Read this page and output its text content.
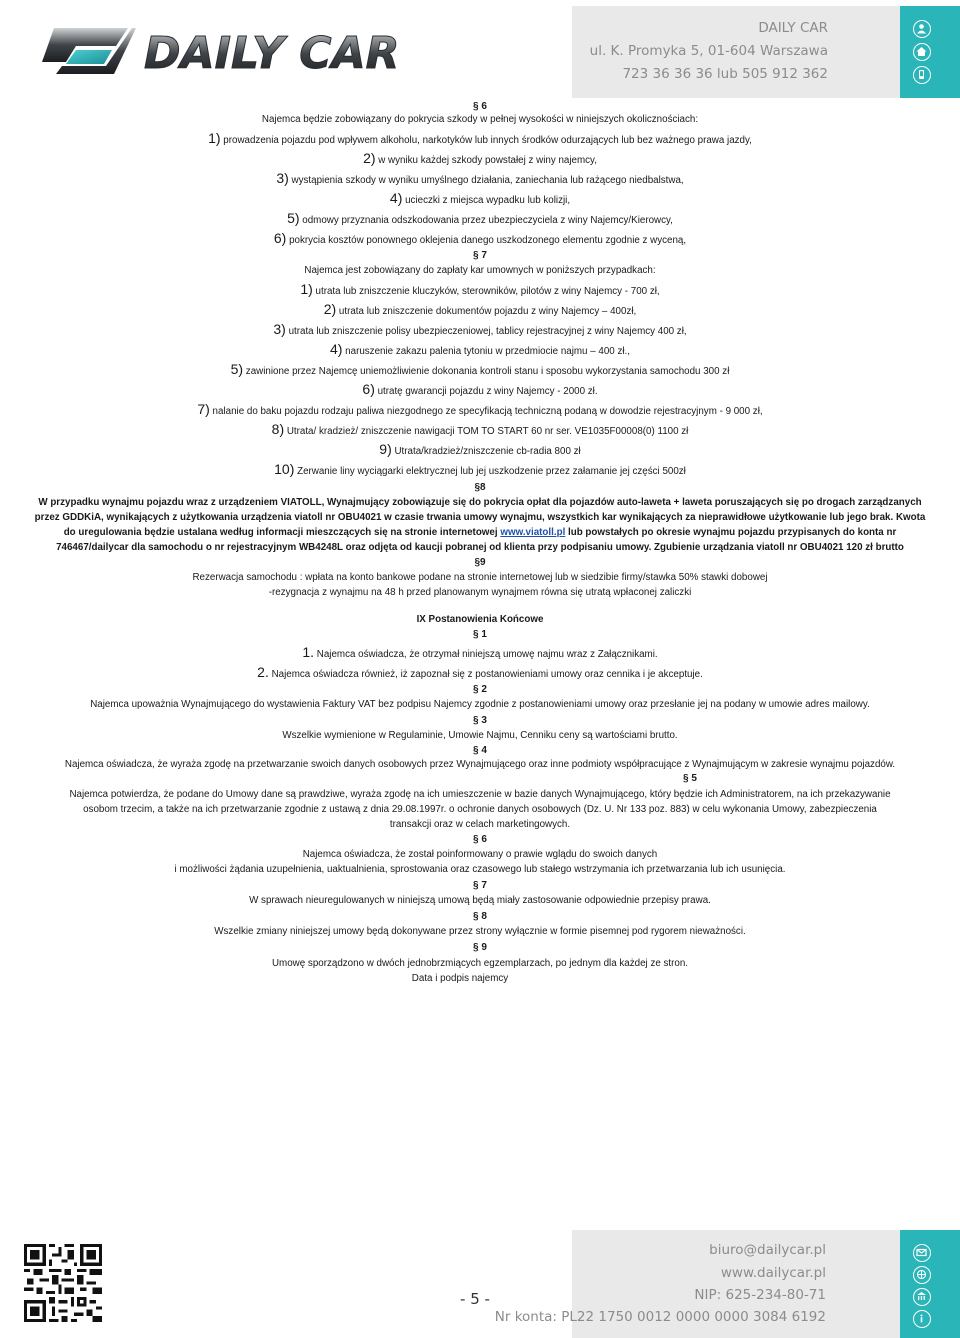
DAILY CAR	DAILY CAR
ul. K. Promyka 5, 01-604 Warszawa
723 36 36 36 lub 505 912 362
§ 6
Najemca będzie zobowiązany do pokrycia szkody w pełnej wysokości w niniejszych okolicznościach:
1) prowadzenia pojazdu pod wpływem alkoholu, narkotyków lub innych środków odurzających lub bez ważnego prawa jazdy,
2) w wyniku każdej szkody powstałej z winy najemcy,
3) wystąpienia szkody w wyniku umyślnego działania, zaniechania lub rażącego niedbalstwa,
4) ucieczki z miejsca wypadku lub kolizji,
5) odmowy przyznania odszkodowania przez ubezpieczyciela z winy Najemcy/Kierowcy,
6) pokrycia kosztów ponownego oklejenia danego uszkodzonego elementu zgodnie z wyceną,
§ 7
Najemca jest zobowiązany do zapłaty kar umownych w poniższych przypadkach:
1) utrata lub zniszczenie kluczyków, sterowników, pilotów z winy Najemcy - 700 zł,
2) utrata lub zniszczenie dokumentów pojazdu z winy Najemcy – 400zł,
3) utrata lub zniszczenie polisy ubezpieczeniowej, tablicy rejestracyjnej z winy Najemcy 400 zł,
4) naruszenie zakazu palenia tytoniu w przedmiocie najmu – 400 zł.,
5) zawinione przez Najemcę uniemożliwienie dokonania kontroli stanu i sposobu wykorzystania samochodu 300 zł
6) utratę gwarancji pojazdu z winy Najemcy - 2000 zł.
7) nalanie do baku pojazdu rodzaju paliwa niezgodnego ze specyfikacją techniczną podaną w dowodzie rejestracyjnym - 9 000 zł,
8) Utrata/ kradzież/ zniszczenie nawigacji TOM TO START 60 nr ser. VE1035F00008(0) 1100 zł
9) Utrata/kradzież/zniszczenie cb-radia 800 zł
10) Zerwanie liny wyciągarki elektrycznej lub jej uszkodzenie przez załamanie jej części 500zł
§8
W przypadku wynajmu pojazdu wraz z urządzeniem VIATOLL, Wynajmujący zobowiązuje się do pokrycia opłat dla pojazdów auto-laweta + laweta poruszających się po drogach zarządzanych
przez GDDKiA, wynikających z użytkowania urządzenia viatoll nr OBU4021 w czasie trwania umowy wynajmu, wszystkich kar wynikających za nieprawidłowe użytkowanie lub jego brak. Kwota
do uregulowania będzie ustalana według informacji mieszczących się na stronie internetowej www.viatoll.pl lub powstałych po okresie wynajmu pojazdu przypisanych do konta nr
746467/dailycar dla samochodu o nr rejestracyjnym WB4248L oraz odjęta od kaucji pobranej od klienta przy podpisaniu umowy. Zgubienie urządzania viatoll nr OBU4021 120 zł brutto
§9
Rezerwacja samochodu : wpłata na konto bankowe podane na stronie internetowej lub w siedzibie firmy/stawka 50% stawki dobowej
-rezygnacja z wynajmu na 48 h przed planowanym wynajmem równa się utratą wpłaconej zaliczki
IX Postanowienia Końcowe
§ 1
1. Najemca oświadcza, że otrzymał niniejszą umowę najmu wraz z Załącznikami.
2. Najemca oświadcza również, iż zapoznał się z postanowieniami umowy oraz cennika i je akceptuje.
§ 2
Najemca upoważnia Wynajmującego do wystawienia Faktury VAT bez podpisu Najemcy zgodnie z postanowieniami umowy oraz przesłanie jej na podany w umowie adres mailowy.
§ 3
Wszelkie wymienione w Regulaminie, Umowie Najmu, Cenniku ceny są wartościami brutto.
§ 4
Najemca oświadcza, że wyraża zgodę na przetwarzanie swoich danych osobowych przez Wynajmującego oraz inne podmioty współpracujące z Wynajmującym w zakresie wynajmu pojazdów.
§ 5
Najemca potwierdza, że podane do Umowy dane są prawdziwe, wyraża zgodę na ich umieszczenie w bazie danych Wynajmującego, który będzie ich Administratorem, na ich przekazywanie
osobom trzecim, a także na ich przetwarzanie zgodnie z ustawą z dnia 29.08.1997r. o ochronie danych osobowych (Dz. U. Nr 133 poz. 883) w celu wykonania Umowy, zabezpieczenia
transakcji oraz w celach marketingowych.
§ 6
Najemca oświadcza, że został poinformowany o prawie wglądu do swoich danych
i możliwości żądania uzupełnienia, uaktualnienia, sprostowania oraz czasowego lub stałego wstrzymania ich przetwarzania lub ich usunięcia.
§ 7
W sprawach nieuregulowanych w niniejszą umową będą miały zastosowanie odpowiednie przepisy prawa.
§ 8
Wszelkie zmiany niniejszej umowy będą dokonywane przez strony wyłącznie w formie pisemnej pod rygorem nieważności.
§ 9
Umowę sporządzono w dwóch jednobrzmiących egzemplarzach, po jednym dla każdej ze stron.
Data i podpis najemcy
- 5 -
biuro@dailycar.pl
www.dailycar.pl
NIP: 625-234-80-71
Nr konta: PL22 1750 0012 0000 0000 3084 6192
